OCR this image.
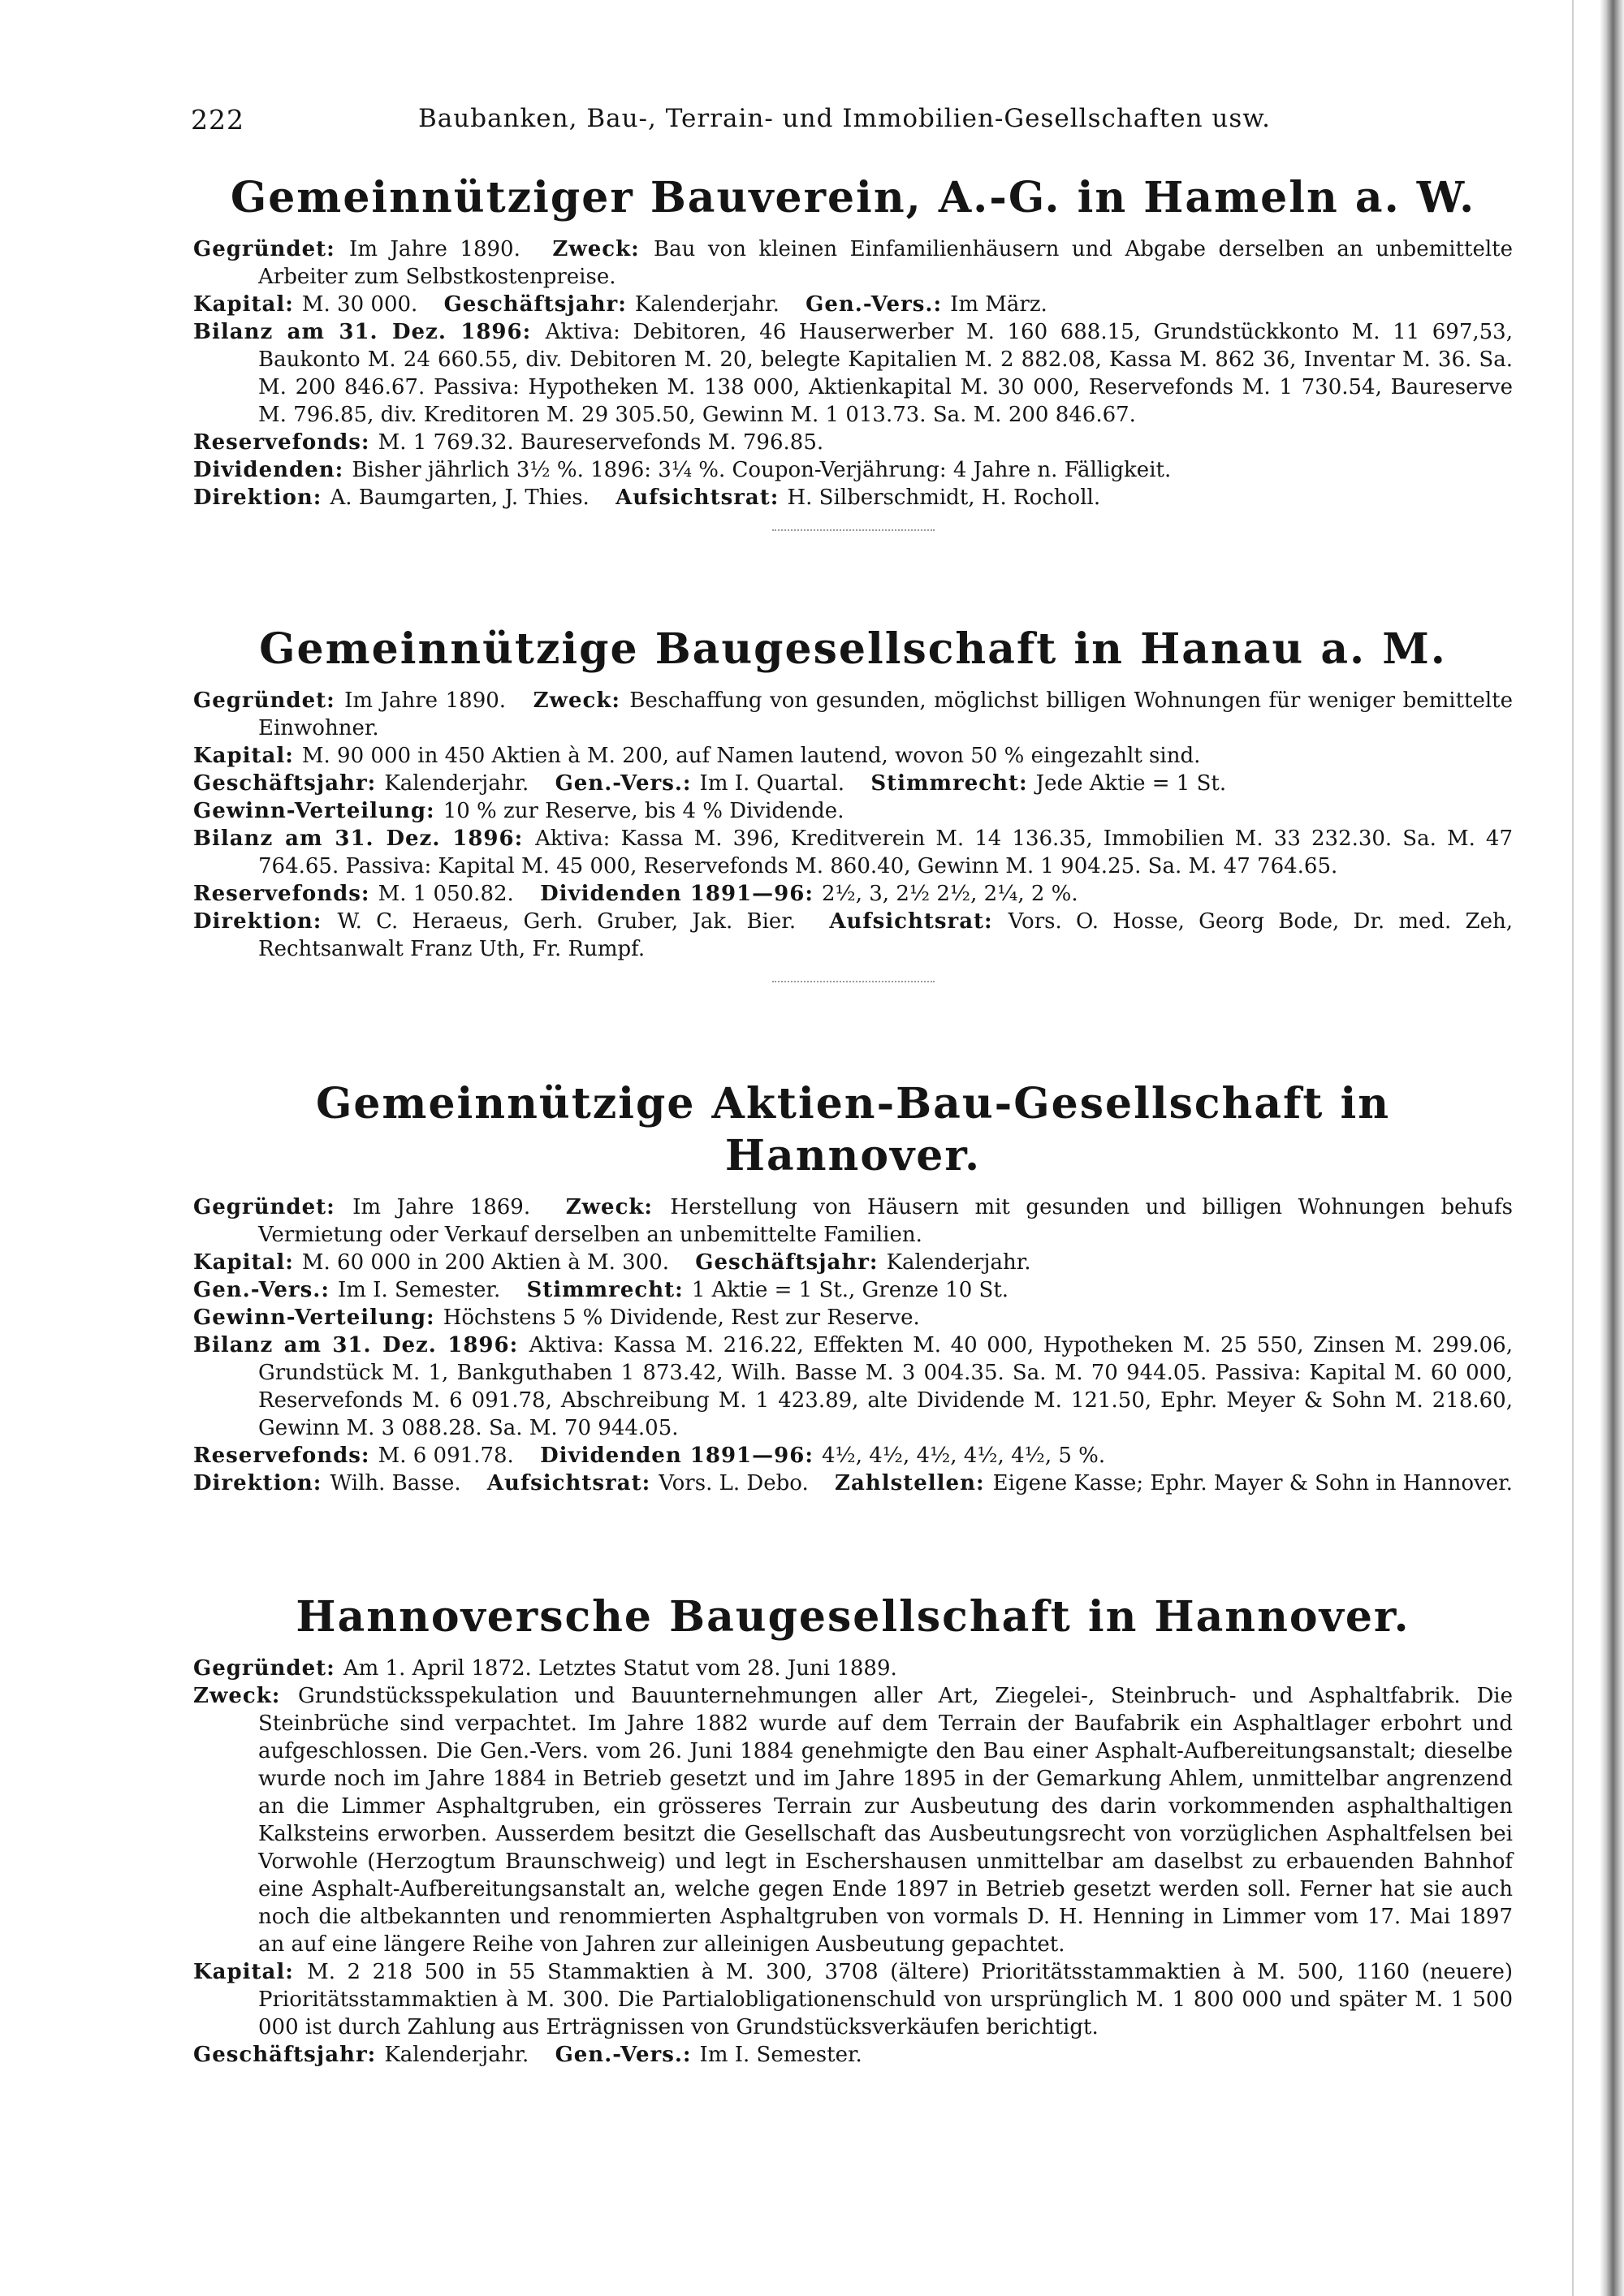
222	Baubanken, Bau-, Terrain- und Immobilien-Gesellschaften usw.
Gemeinnütziger Bauverein, A.-G. in Hameln a. W.

Gegründet: Im Jahre 1890. Zweck: Bau von kleinen Einfamilienhäusern und Abgabe derselben an unbemittelte Arbeiter zum Selbstkostenpreise.

Kapital: M. 30 000. Geschäftsjahr: Kalenderjahr. Gen.-Vers.: Im März.

Bilanz am 31. Dez. 1896: Aktiva: Debitoren, 46 Hauserwerber M. 160 688.15, Grundstückkonto M. 11 697,53, Baukonto M. 24 660.55, div. Debitoren M. 20, belegte Kapitalien M. 2 882.08, Kassa M. 862 36, Inventar M. 36. Sa. M. 200 846.67. Passiva: Hypotheken M. 138 000, Aktienkapital M. 30 000, Reservefonds M. 1 730.54, Baureserve M. 796.85, div. Kreditoren M. 29 305.50, Gewinn M. 1 013.73. Sa. M. 200 846.67.

Reservefonds: M. 1 769.32. Baureservefonds M. 796.85.

Dividenden: Bisher jährlich 3½ %. 1896: 3¼ %. Coupon-Verjährung: 4 Jahre n. Fälligkeit.

Direktion: A. Baumgarten, J. Thies. Aufsichtsrat: H. Silberschmidt, H. Rocholl.

Gemeinnützige Baugesellschaft in Hanau a. M.

Gegründet: Im Jahre 1890. Zweck: Beschaffung von gesunden, möglichst billigen Wohnungen für weniger bemittelte Einwohner.

Kapital: M. 90 000 in 450 Aktien à M. 200, auf Namen lautend, wovon 50 % eingezahlt sind.

Geschäftsjahr: Kalenderjahr. Gen.-Vers.: Im I. Quartal. Stimmrecht: Jede Aktie = 1 St.

Gewinn-Verteilung: 10 % zur Reserve, bis 4 % Dividende.

Bilanz am 31. Dez. 1896: Aktiva: Kassa M. 396, Kreditverein M. 14 136.35, Immobilien M. 33 232.30. Sa. M. 47 764.65. Passiva: Kapital M. 45 000, Reservefonds M. 860.40, Gewinn M. 1 904.25. Sa. M. 47 764.65.

Reservefonds: M. 1 050.82. Dividenden 1891—96: 2½, 3, 2½ 2½, 2¼, 2 %.

Direktion: W. C. Heraeus, Gerh. Gruber, Jak. Bier. Aufsichtsrat: Vors. O. Hosse, Georg Bode, Dr. med. Zeh, Rechtsanwalt Franz Uth, Fr. Rumpf.

Gemeinnützige Aktien-Bau-Gesellschaft in Hannover.

Gegründet: Im Jahre 1869. Zweck: Herstellung von Häusern mit gesunden und billigen Wohnungen behufs Vermietung oder Verkauf derselben an unbemittelte Familien.

Kapital: M. 60 000 in 200 Aktien à M. 300. Geschäftsjahr: Kalenderjahr.

Gen.-Vers.: Im I. Semester. Stimmrecht: 1 Aktie = 1 St., Grenze 10 St.

Gewinn-Verteilung: Höchstens 5 % Dividende, Rest zur Reserve.

Bilanz am 31. Dez. 1896: Aktiva: Kassa M. 216.22, Effekten M. 40 000, Hypotheken M. 25 550, Zinsen M. 299.06, Grundstück M. 1, Bankguthaben 1 873.42, Wilh. Basse M. 3 004.35. Sa. M. 70 944.05. Passiva: Kapital M. 60 000, Reservefonds M. 6 091.78, Abschreibung M. 1 423.89, alte Dividende M. 121.50, Ephr. Meyer & Sohn M. 218.60, Gewinn M. 3 088.28. Sa. M. 70 944.05.

Reservefonds: M. 6 091.78. Dividenden 1891—96: 4½, 4½, 4½, 4½, 4½, 5 %.

Direktion: Wilh. Basse. Aufsichtsrat: Vors. L. Debo. Zahlstellen: Eigene Kasse; Ephr. Mayer & Sohn in Hannover.

Hannoversche Baugesellschaft in Hannover.

Gegründet: Am 1. April 1872. Letztes Statut vom 28. Juni 1889.

Zweck: Grundstücksspekulation und Bauunternehmungen aller Art, Ziegelei-, Steinbruch- und Asphaltfabrik. Die Steinbrüche sind verpachtet. Im Jahre 1882 wurde auf dem Terrain der Baufabrik ein Asphaltlager erbohrt und aufgeschlossen. Die Gen.-Vers. vom 26. Juni 1884 genehmigte den Bau einer Asphalt-Aufbereitungsanstalt; dieselbe wurde noch im Jahre 1884 in Betrieb gesetzt und im Jahre 1895 in der Gemarkung Ahlem, unmittelbar angrenzend an die Limmer Asphaltgruben, ein grösseres Terrain zur Ausbeutung des darin vorkommenden asphalthaltigen Kalksteins erworben. Ausserdem besitzt die Gesellschaft das Ausbeutungsrecht von vorzüglichen Asphaltfelsen bei Vorwohle (Herzogtum Braunschweig) und legt in Eschershausen unmittelbar am daselbst zu erbauenden Bahnhof eine Asphalt-Aufbereitungsanstalt an, welche gegen Ende 1897 in Betrieb gesetzt werden soll. Ferner hat sie auch noch die altbekannten und renommierten Asphaltgruben von vormals D. H. Henning in Limmer vom 17. Mai 1897 an auf eine längere Reihe von Jahren zur alleinigen Ausbeutung gepachtet.

Kapital: M. 2 218 500 in 55 Stammaktien à M. 300, 3708 (ältere) Prioritätsstammaktien à M. 500, 1160 (neuere) Prioritätsstammaktien à M. 300. Die Partialobligationenschuld von ursprünglich M. 1 800 000 und später M. 1 500 000 ist durch Zahlung aus Erträgnissen von Grundstücksverkäufen berichtigt.

Geschäftsjahr: Kalenderjahr. Gen.-Vers.: Im I. Semester.
